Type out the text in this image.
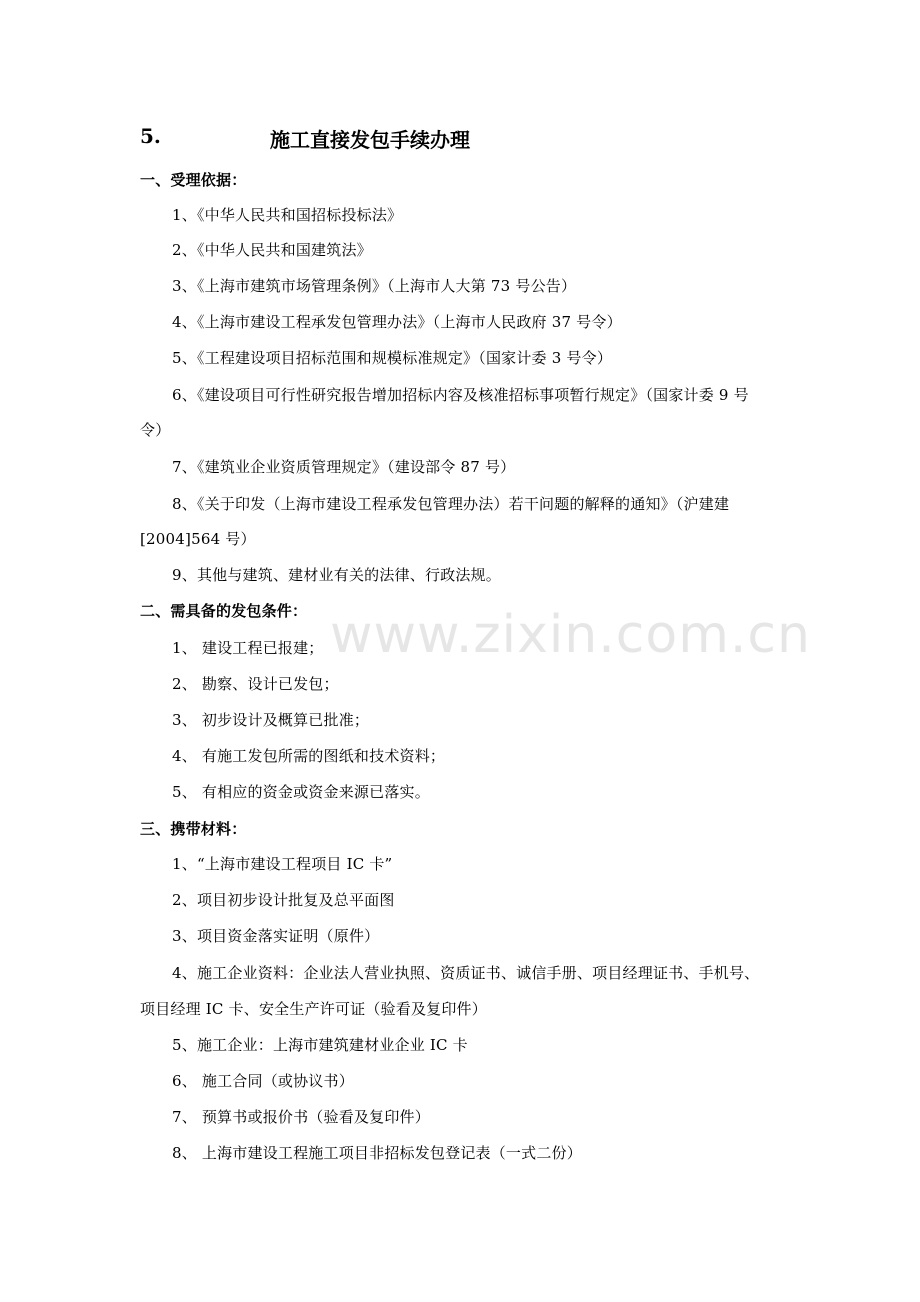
5.	施工直接发包手续办理
一、受理依据：
1、《中华人民共和国招标投标法》
2、《中华人民共和国建筑法》
3、《上海市建筑市场管理条例》（上海市人大第 73 号公告）
4、《上海市建设工程承发包管理办法》（上海市人民政府 37 号令）
5、《工程建设项目招标范围和规模标准规定》（国家计委 3 号令）
6、《建设项目可行性研究报告增加招标内容及核准招标事项暂行规定》（国家计委 9 号
令）
7、《建筑业企业资质管理规定》（建设部令 87 号）
8、《关于印发（上海市建设工程承发包管理办法）若干问题的解释的通知》（沪建建
[2004]564 号）
9、其他与建筑、建材业有关的法律、行政法规。
二、需具备的发包条件：
1、 建设工程已报建；
2、 勘察、设计已发包；
3、 初步设计及概算已批准；
4、 有施工发包所需的图纸和技术资料；
5、 有相应的资金或资金来源已落实。
三、携带材料：
1、“上海市建设工程项目 IC 卡”
2、项目初步设计批复及总平面图
3、项目资金落实证明（原件）
4、施工企业资料：企业法人营业执照、资质证书、诚信手册、项目经理证书、手机号、
项目经理 IC 卡、安全生产许可证（验看及复印件）
5、施工企业：上海市建筑建材业企业 IC 卡
6、 施工合同（或协议书）
7、 预算书或报价书（验看及复印件）
8、 上海市建设工程施工项目非招标发包登记表（一式二份）
www.zixin.com.cn
